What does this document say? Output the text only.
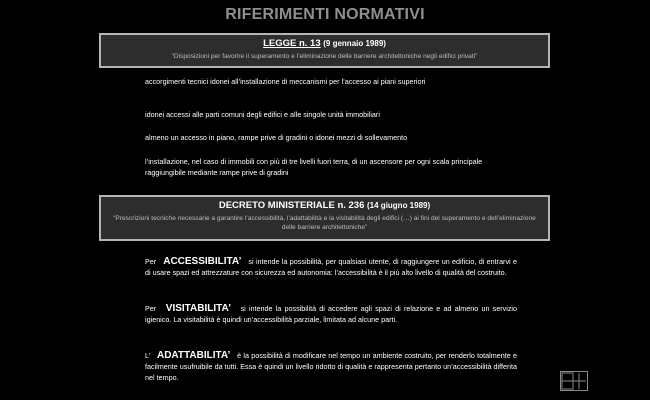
RIFERIMENTI NORMATIVI
LEGGE n. 13 (9 gennaio 1989)
“Disposizioni per favorire il superamento e l’eliminazione delle barriere architettoniche negli edifici privati”

accorgimenti tecnici idonei all’installazione di meccanismi per l’accesso ai piani superiori

idonei accessi alle parti comuni degli edifici e alle singole unità immobiliari

almeno un accesso in piano, rampe prive di gradini o idonei mezzi di sollevamento

l’installazione, nel caso di immobili con più di tre livelli fuori terra, di un ascensore per ogni scala principale raggiungibile mediante rampe prive di gradini

DECRETO MINISTERIALE n. 236 (14 giugno 1989)
“Prescrizioni tecniche necessarie a garantire l’accessibilità, l’adattabilità e la visitabilità degli edifici (…) ai fini del superamento e dell’eliminazione delle barriere architettoniche”

Per ACCESSIBILITA’ si intende la possibilità, per qualsiasi utente, di raggiungere un edificio, di entrarvi e di usare spazi ed attrezzature con sicurezza ed autonomia: l’accessibilità è il più alto livello di qualità del costruito.

Per VISITABILITA’ si intende la possibilità di accedere agli spazi di relazione e ad almeno un servizio igienico. La visitabilità è quindi un’accessibilità parziale, limitata ad alcune parti.

L’ ADATTABILITA’ è la possibilità di modificare nel tempo un ambiente costruito, per renderlo totalmente e facilmente usufruibile da tutti. Essa è quindi un livello ridotto di qualità e rappresenta pertanto un’accessibilità differita nel tempo.
